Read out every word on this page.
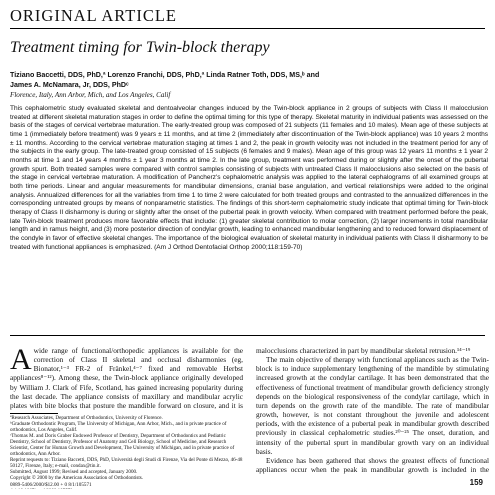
ORIGINAL ARTICLE
Treatment timing for Twin-block therapy
Tiziano Baccetti, DDS, PhD,ª Lorenzo Franchi, DDS, PhD,ª Linda Ratner Toth, DDS, MS,ᵇ and
James A. McNamara, Jr, DDS, PhDᶜ
Florence, Italy, Ann Arbor, Mich, and Los Angeles, Calif
This cephalometric study evaluated skeletal and dentoalveolar changes induced by the Twin-block appliance in 2 groups of subjects with Class II malocclusion treated at different skeletal maturation stages in order to define the optimal timing for this type of therapy. Skeletal maturity in individual patients was assessed on the basis of the stages of cervical vertebrae maturation. The early-treated group was composed of 21 subjects (11 females and 10 males). Mean age of these subjects at time 1 (immediately before treatment) was 9 years ± 11 months, and at time 2 (immediately after discontinuation of the Twin-block appliance) was 10 years 2 months ± 11 months. According to the cervical vertebrae maturation staging at times 1 and 2, the peak in growth velocity was not included in the treatment period for any of the subjects in the early group. The late-treated group consisted of 15 subjects (6 females and 9 males). Mean age of this group was 12 years 11 months ± 1 year 2 months at time 1 and 14 years 4 months ± 1 year 3 months at time 2. In the late group, treatment was performed during or slightly after the onset of the pubertal growth spurt. Both treated samples were compared with control samples consisting of subjects with untreated Class II malocclusions also selected on the basis of the stage in cervical vertebrae maturation. A modification of Pancherz's cephalometric analysis was applied to the lateral cephalograms of all examined groups at both time periods. Linear and angular measurements for mandibular dimensions, cranial base angulation, and vertical relationships were added to the original analysis. Annualized differences for all the variables from time 1 to time 2 were calculated for both treated groups and contrasted to the annualized differences in the corresponding untreated groups by means of nonparametric statistics. The findings of this short-term cephalometric study indicate that optimal timing for Twin-block therapy of Class II disharmony is during or slightly after the onset of the pubertal peak in growth velocity. When compared with treatment performed before the peak, late Twin-block treatment produces more favorable effects that include: (1) greater skeletal contribution to molar correction, (2) larger increments in total mandibular length and in ramus height, and (3) more posterior direction of condylar growth, leading to enhanced mandibular lengthening and to reduced forward displacement of the condyle in favor of effective skeletal changes. The importance of the biological evaluation of skeletal maturity in individual patients with Class II disharmony to be treated with functional appliances is emphasized. (Am J Orthod Dentofacial Orthop 2000;118:159-70)
A wide range of functional/orthopedic appliances is available for the correction of Class II skeletal and occlusal disharmonies (eg, Bionator,¹⁻³ FR-2 of Fränkel,⁴⁻⁷ fixed and removable Herbst appliances⁸⁻¹²). Among these, the Twin-block appliance originally developed by William J. Clark of Fife, Scotland, has gained increasing popularity during the last decade. The appliance consists of maxillary and mandibular acrylic plates with bite blocks that posture the mandible forward on closure, and it is

ªResearch Associates, Department of Orthodontics, University of Florence.
ᵇGraduate Orthodontic Program, The University of Michigan, Ann Arbor, Mich., and in private practice of orthodontics, Los Angeles, Calif.
ᶜThomas M. and Doris Graber Endowed Professor of Dentistry, Department of Orthodontics and Pediatric Dentistry, School of Dentistry, Professor of Anatomy and Cell Biology, School of Medicine, and Research Scientist, Center for Human Growth and Development, The University of Michigan, and in private practice of orthodontics, Ann Arbor.
Reprint requests to: Tiziano Baccetti, DDS, PhD, Università degli Studi di Firenze, Via del Ponte di Mezzo, 46-48 50127, Firenze, Italy; e-mail, condax@tin.it.
Submitted, August 1999; Revised and accepted, January 2000.
Copyright © 2000 by the American Association of Orthodontists.
0889-5406/2000/$12.00 + 0 8/1/105571

malocclusions characterized in part by mandibular skeletal retrusion.¹⁴⁻¹⁹

The main objective of therapy with functional appliances such as the Twin-block is to induce supplementary lengthening of the mandible by stimulating increased growth at the condylar cartilage. It has been demonstrated that the effectiveness of functional treatment of mandibular growth deficiency strongly depends on the biological responsiveness of the condylar cartilage, which in turn depends on the growth rate of the mandible. The rate of mandibular growth, however, is not constant throughout the juvenile and adolescent periods, with the existence of a pubertal peak in mandibular growth described previously in classical cephalometric studies.²⁰⁻²⁵ The onset, duration, and intensity of the pubertal spurt in mandibular growth vary on an individual basis.

Evidence has been gathered that shows the greatest effects of functional appliances occur when the peak in mandibular growth is included in the

159
